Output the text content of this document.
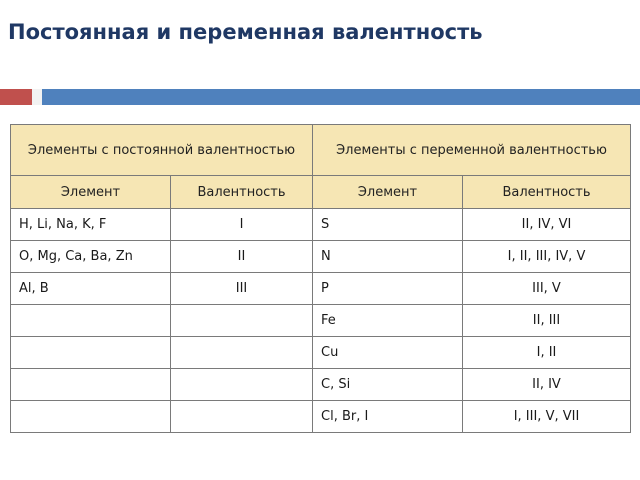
Постоянная и переменная валентность
Элементы с постоянной валентностью		Элементы с переменной валентностью	
Элемент	Валентность	Элемент	Валентность
H, Li, Na, K, F	I	S	II, IV, VI
O, Mg, Ca, Ba, Zn	II	N	I, II, III, IV, V
Al, B	III	P	III, V
		Fe	II, III
		Cu	I, II
		C, Si	II, IV
		Cl, Br, I	I, III, V, VII
